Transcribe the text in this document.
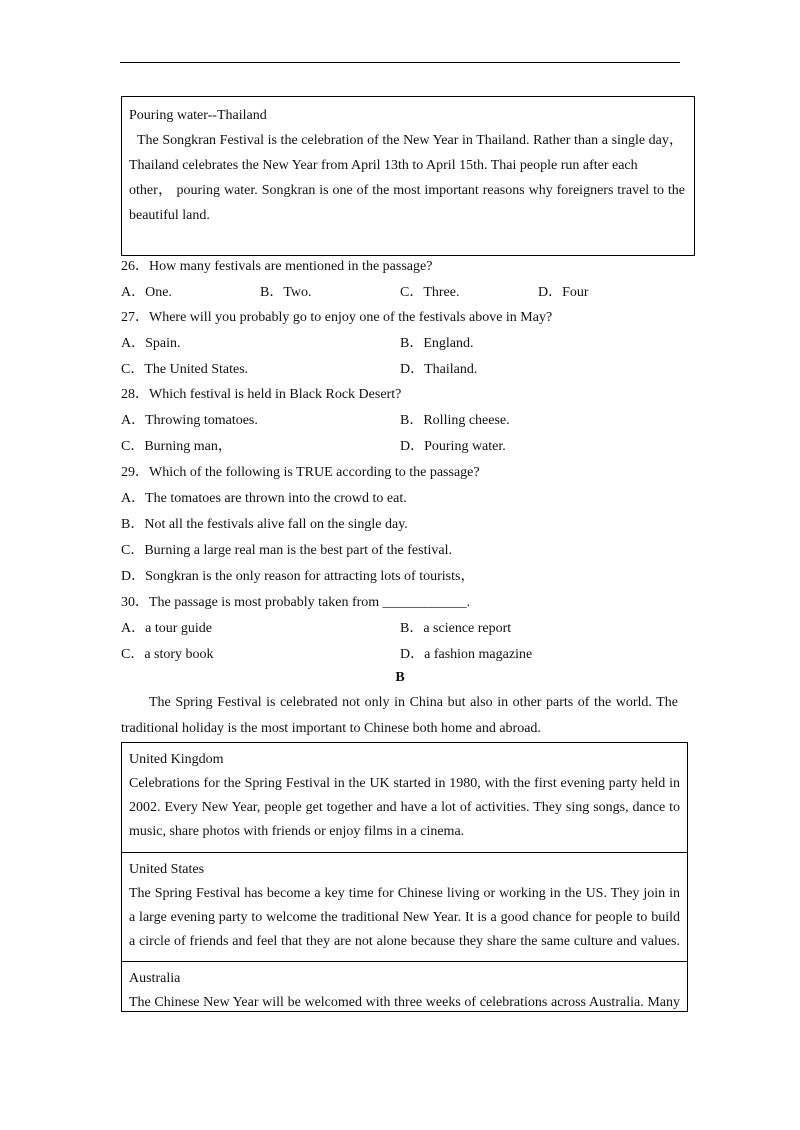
Pouring water--Thailand
The Songkran Festival is the celebration of the New Year in Thailand. Rather than a single day，
Thailand celebrates the New Year from April 13th to April 15th. Thai people run after each
other， pouring water. Songkran is one of the most important reasons why foreigners travel to the
beautiful land.
26．How many festivals are mentioned in the passage?
A．One.	B．Two.	C．Three.	D．Four
27．Where will you probably go to enjoy one of the festivals above in May?
A．Spain.	B．England.
C．The United States.	D．Thailand.
28．Which festival is held in Black Rock Desert?
A．Throwing tomatoes.	B．Rolling cheese.
C．Burning man，	D．Pouring water.
29．Which of the following is TRUE according to the passage?
A．The tomatoes are thrown into the crowd to eat.
B．Not all the festivals alive fall on the single day.
C．Burning a large real man is the best part of the festival.
D．Songkran is the only reason for attracting lots of tourists，
30．The passage is most probably taken from ____________.
A．a tour guide	B．a science report
C．a story book	D．a fashion magazine
B
The Spring Festival is celebrated not only in China but also in other parts of the world. The
traditional holiday is the most important to Chinese both home and abroad.
United Kingdom
Celebrations for the Spring Festival in the UK started in 1980, with the first evening party held in
2002. Every New Year, people get together and have a lot of activities. They sing songs, dance to
music, share photos with friends or enjoy films in a cinema.
United States
The Spring Festival has become a key time for Chinese living or working in the US. They join in
a large evening party to welcome the traditional New Year. It is a good chance for people to build
a circle of friends and feel that they are not alone because they share the same culture and values.
Australia
The Chinese New Year will be welcomed with three weeks of celebrations across Australia. Many
